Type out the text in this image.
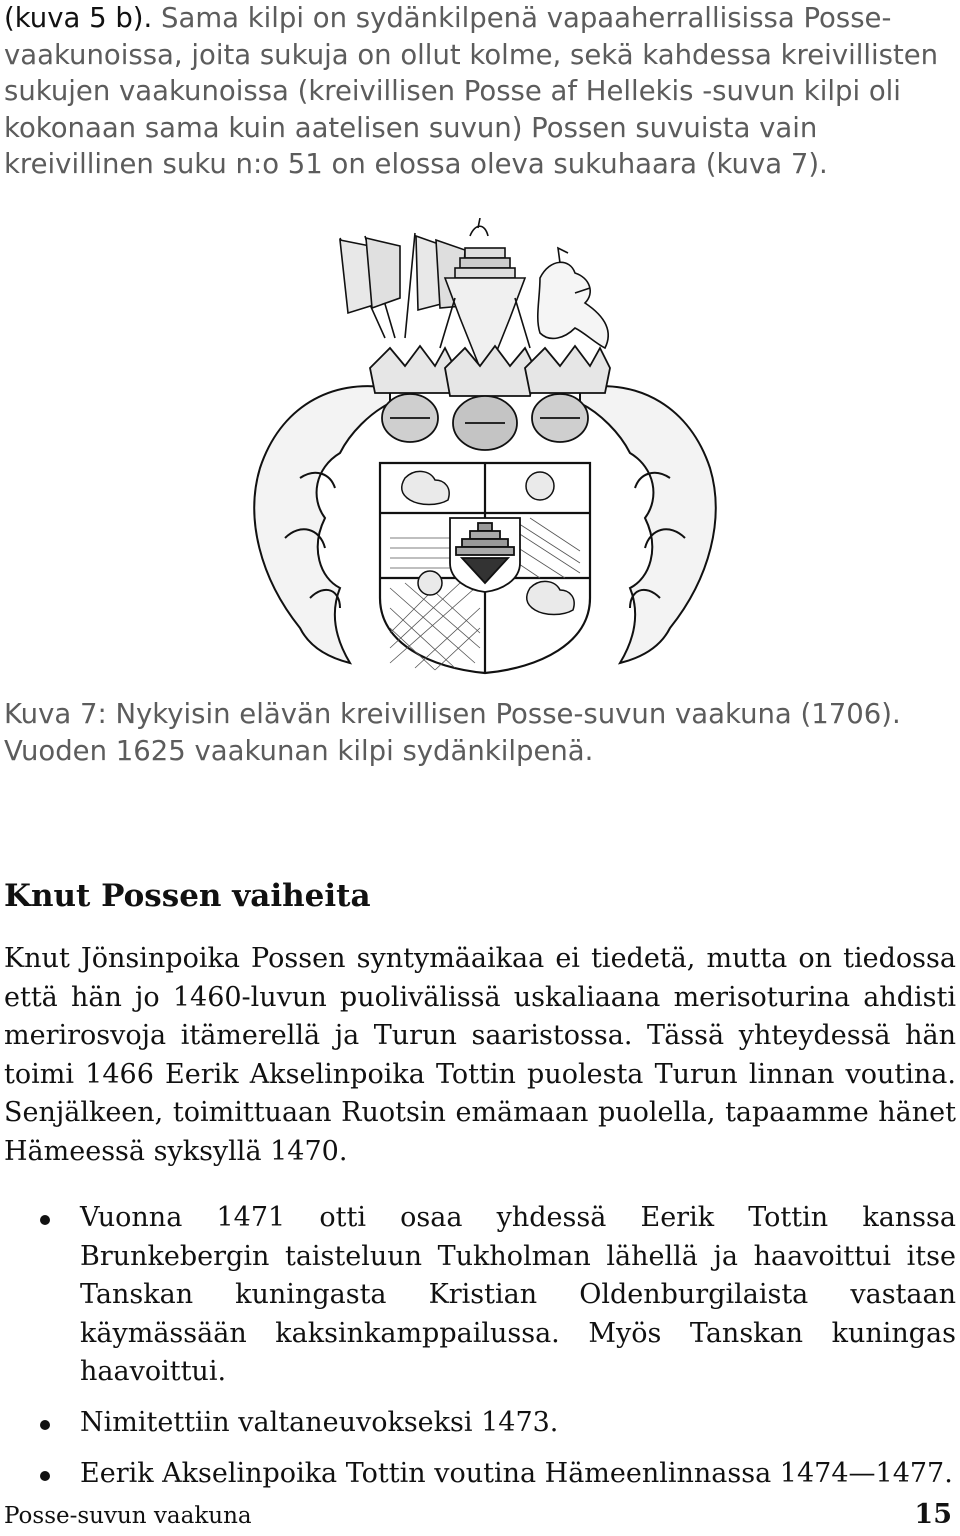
(kuva 5 b). Sama kilpi on sydänkilpenä vapaaherrallisissa Posse-vaakunoissa, joita sukuja on ollut kolme, sekä kahdessa kreivillisten sukujen vaakunoissa (kreivillisen Posse af Hellekis -suvun kilpi oli kokonaan sama kuin aatelisen suvun) Possen suvuista vain kreivillinen suku n:o 51 on elossa oleva sukuhaara (kuva 7).

Kuva 7: Nykyisin elävän kreivillisen Posse-suvun vaakuna (1706). Vuoden 1625 vaakunan kilpi sydänkilpenä.

Knut Possen vaiheita

Knut Jönsinpoika Possen syntymäaikaa ei tiedetä, mutta on tiedossa että hän jo 1460-luvun puolivälissä uskaliaana merisoturina ahdisti merirosvoja itämerellä ja Turun saaristossa. Tässä yhteydessä hän toimi 1466 Eerik Akselinpoika Tottin puolesta Turun linnan voutina. Senjälkeen, toimittuaan Ruotsin emämaan puolella, tapaamme hänet Hämeessä syksyllä 1470.

Vuonna 1471 otti osaa yhdessä Eerik Tottin kanssa Brunkebergin taisteluun Tukholman lähellä ja haavoittui itse Tanskan kuningasta Kristian Oldenburgilaista vastaan käymässään kaksinkamppailussa. Myös Tanskan kuningas haavoittui.
Nimitettiin valtaneuvokseksi 1473.
Eerik Akselinpoika Tottin voutina Hämeenlinnassa 1474—1477.

Posse-suvun vaakuna	15
